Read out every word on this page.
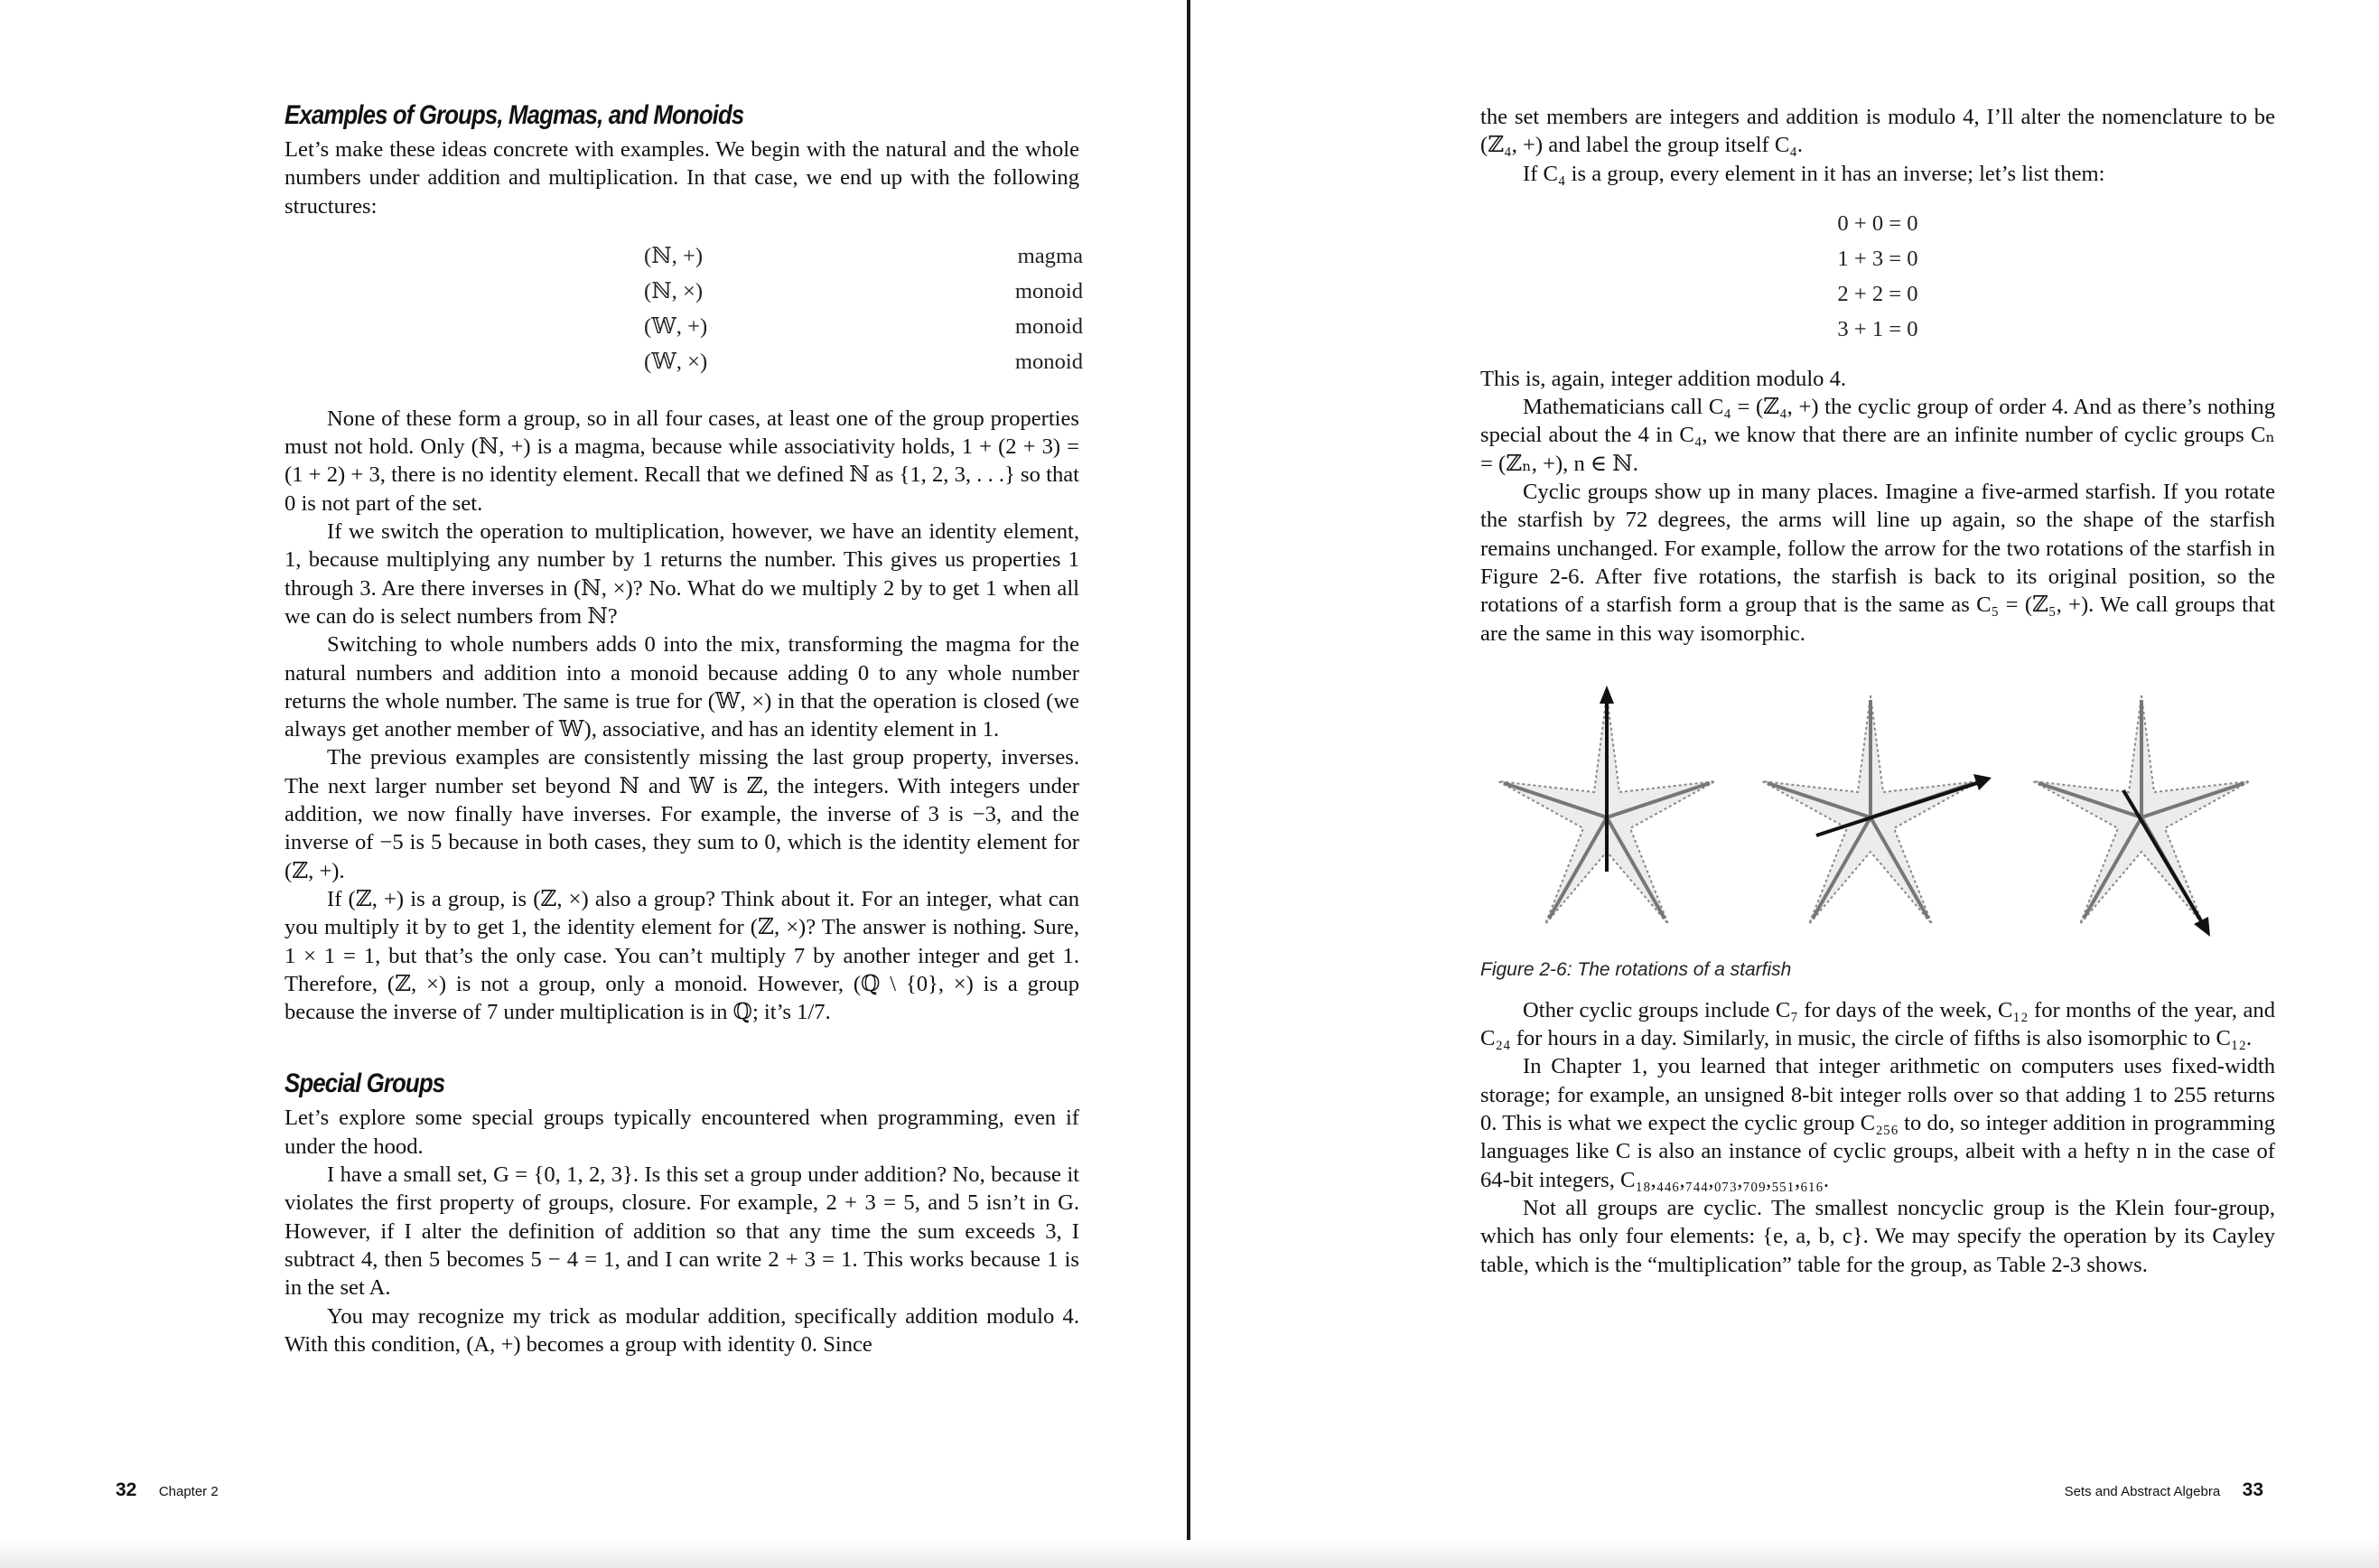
Examples of Groups, Magmas, and Monoids

Let’s make these ideas concrete with examples. We begin with the natural and the whole numbers under addition and multiplication. In that case, we end up with the following structures:

(ℕ, +)	magma
(ℕ, ×)	monoid
(𝕎, +)	monoid
(𝕎, ×)	monoid

None of these form a group, so in all four cases, at least one of the group properties must not hold. Only (ℕ, +) is a magma, because while associativity holds, 1 + (2 + 3) = (1 + 2) + 3, there is no identity element. Recall that we defined ℕ as {1, 2, 3, . . .} so that 0 is not part of the set.

If we switch the operation to multiplication, however, we have an identity element, 1, because multiplying any number by 1 returns the number. This gives us properties 1 through 3. Are there inverses in (ℕ, ×)? No. What do we multiply 2 by to get 1 when all we can do is select numbers from ℕ?

Switching to whole numbers adds 0 into the mix, transforming the magma for the natural numbers and addition into a monoid because adding 0 to any whole number returns the whole number. The same is true for (𝕎, ×) in that the operation is closed (we always get another member of 𝕎), associative, and has an identity element in 1.

The previous examples are consistently missing the last group property, inverses. The next larger number set beyond ℕ and 𝕎 is ℤ, the integers. With integers under addition, we now finally have inverses. For example, the inverse of 3 is −3, and the inverse of −5 is 5 because in both cases, they sum to 0, which is the identity element for (ℤ, +).

If (ℤ, +) is a group, is (ℤ, ×) also a group? Think about it. For an integer, what can you multiply it by to get 1, the identity element for (ℤ, ×)? The answer is nothing. Sure, 1 × 1 = 1, but that’s the only case. You can’t multiply 7 by another integer and get 1. Therefore, (ℤ, ×) is not a group, only a monoid. However, (ℚ \ {0}, ×) is a group because the inverse of 7 under multiplication is in ℚ; it’s 1/7.

Special Groups

Let’s explore some special groups typically encountered when programming, even if under the hood.

I have a small set, G = {0, 1, 2, 3}. Is this set a group under addition? No, because it violates the first property of groups, closure. For example, 2 + 3 = 5, and 5 isn’t in G. However, if I alter the definition of addition so that any time the sum exceeds 3, I subtract 4, then 5 becomes 5 − 4 = 1, and I can write 2 + 3 = 1. This works because 1 is in the set A.

You may recognize my trick as modular addition, specifically addition modulo 4. With this condition, (A, +) becomes a group with identity 0. Since

32 Chapter 2

the set members are integers and addition is modulo 4, I’ll alter the nomenclature to be (ℤ₄, +) and label the group itself C₄.

If C₄ is a group, every element in it has an inverse; let’s list them:

0 + 0 = 0
1 + 3 = 0
2 + 2 = 0
3 + 1 = 0

This is, again, integer addition modulo 4.

Mathematicians call C₄ = (ℤ₄, +) the cyclic group of order 4. And as there’s nothing special about the 4 in C₄, we know that there are an infinite number of cyclic groups Cₙ = (ℤₙ, +), n ∈ ℕ.

Cyclic groups show up in many places. Imagine a five-armed starfish. If you rotate the starfish by 72 degrees, the arms will line up again, so the shape of the starfish remains unchanged. For example, follow the arrow for the two rotations of the starfish in Figure 2-6. After five rotations, the starfish is back to its original position, so the rotations of a starfish form a group that is the same as C₅ = (ℤ₅, +). We call groups that are the same in this way isomorphic.

Figure 2-6: The rotations of a starfish

Other cyclic groups include C₇ for days of the week, C₁₂ for months of the year, and C₂₄ for hours in a day. Similarly, in music, the circle of fifths is also isomorphic to C₁₂.

In Chapter 1, you learned that integer arithmetic on computers uses fixed-width storage; for example, an unsigned 8-bit integer rolls over so that adding 1 to 255 returns 0. This is what we expect the cyclic group C₂₅₆ to do, so integer addition in programming languages like C is also an instance of cyclic groups, albeit with a hefty n in the case of 64-bit integers, C₁₈,₄₄₆,₇₄₄,₀₇₃,₇₀₉,₅₅₁,₆₁₆.

Not all groups are cyclic. The smallest noncyclic group is the Klein four-group, which has only four elements: {e, a, b, c}. We may specify the operation by its Cayley table, which is the “multiplication” table for the group, as Table 2-3 shows.

Sets and Abstract Algebra 33
